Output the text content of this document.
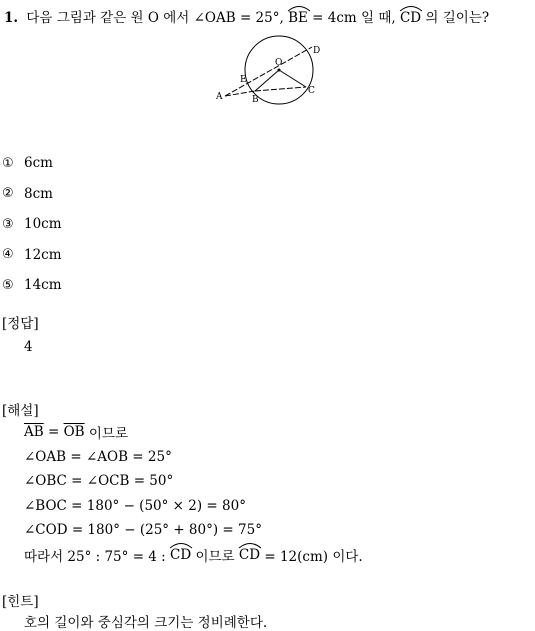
1. 다음 그림과 같은 원 O 에서 ∠OAB = 25°, BE = 4cm 일 때, CD 의 길이는?
O
D
E
A	B
C
① 6cm
② 8cm
③ 10cm
④ 12cm
⑤ 14cm
[정답]
4
[해설]
$\overline{AB} = \overline{OB}$ 이므로
∠OAB = ∠AOB = 25°
∠OBC = ∠OCB = 50°
∠BOC = 180° − (50° × 2) = 80°
∠COD = 180° − (25° + 80°) = 75°
따라서 25° : 75° = 4 :
CD 이므로 CD = 12(cm) 이다.
[힌트]
호의 길이와 중심각의 크기는 정비례한다.
